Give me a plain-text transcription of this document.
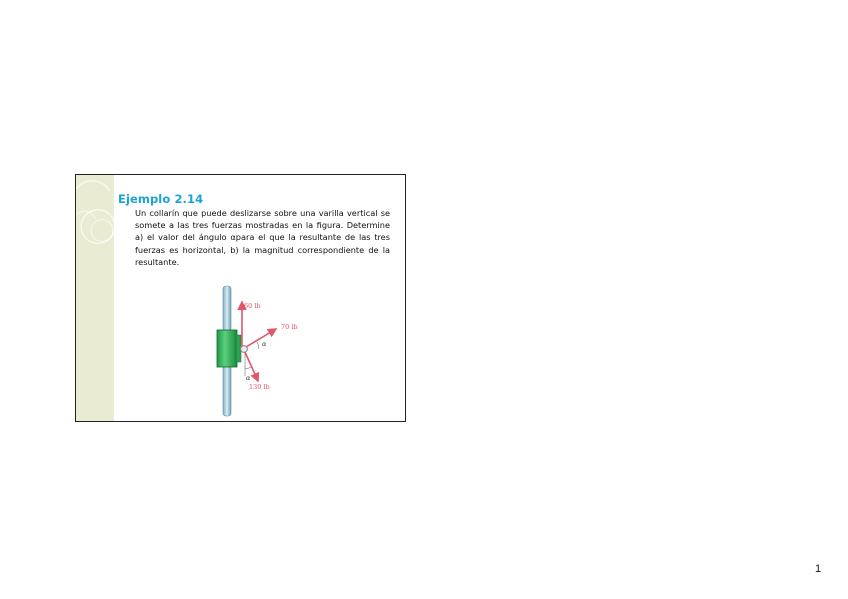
Ejemplo 2.14

Un collarín que puede deslizarse sobre una varilla vertical se somete a las tres fuerzas mostradas en la figura. Determine a) el valor del ángulo αpara el que la resultante de las tres fuerzas es horizontal, b) la magnitud correspondiente de la resultante.

60 lb
70 lb
130 lb
α
α
1
